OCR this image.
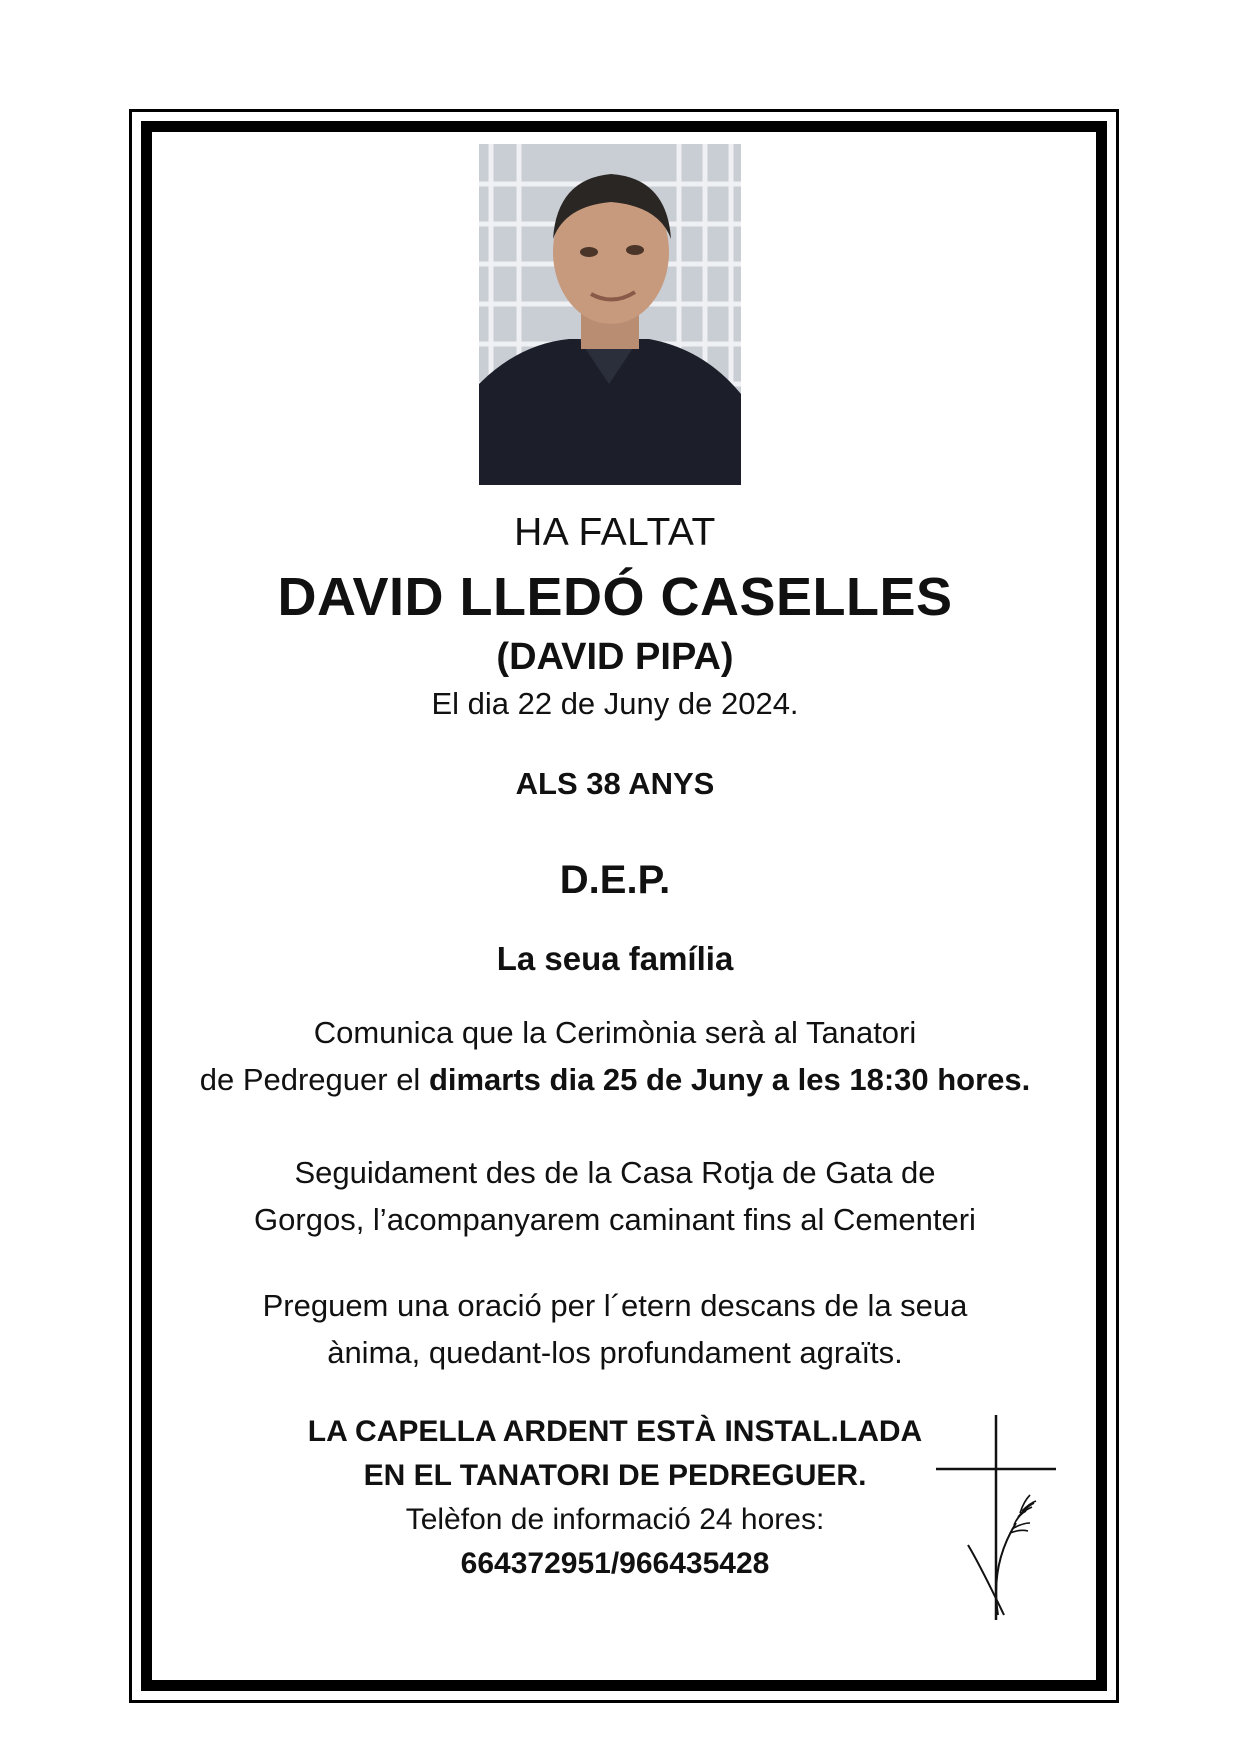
HA FALTAT
DAVID LLEDÓ CASELLES
(DAVID PIPA)
El dia 22 de Juny de 2024.
ALS 38 ANYS
D.E.P.
La seua família
Comunica que la Cerimònia serà al Tanatori
de Pedreguer el dimarts dia 25 de Juny a les 18:30 hores.
Seguidament des de la Casa Rotja de Gata de
Gorgos, l’acompanyarem caminant fins al Cementeri
Preguem una oració per l´etern descans de la seua
ànima, quedant-los profundament agraïts.
LA CAPELLA ARDENT ESTÀ INSTAL.LADA
EN EL TANATORI DE PEDREGUER.
Telèfon de informació 24 hores:
664372951/966435428
